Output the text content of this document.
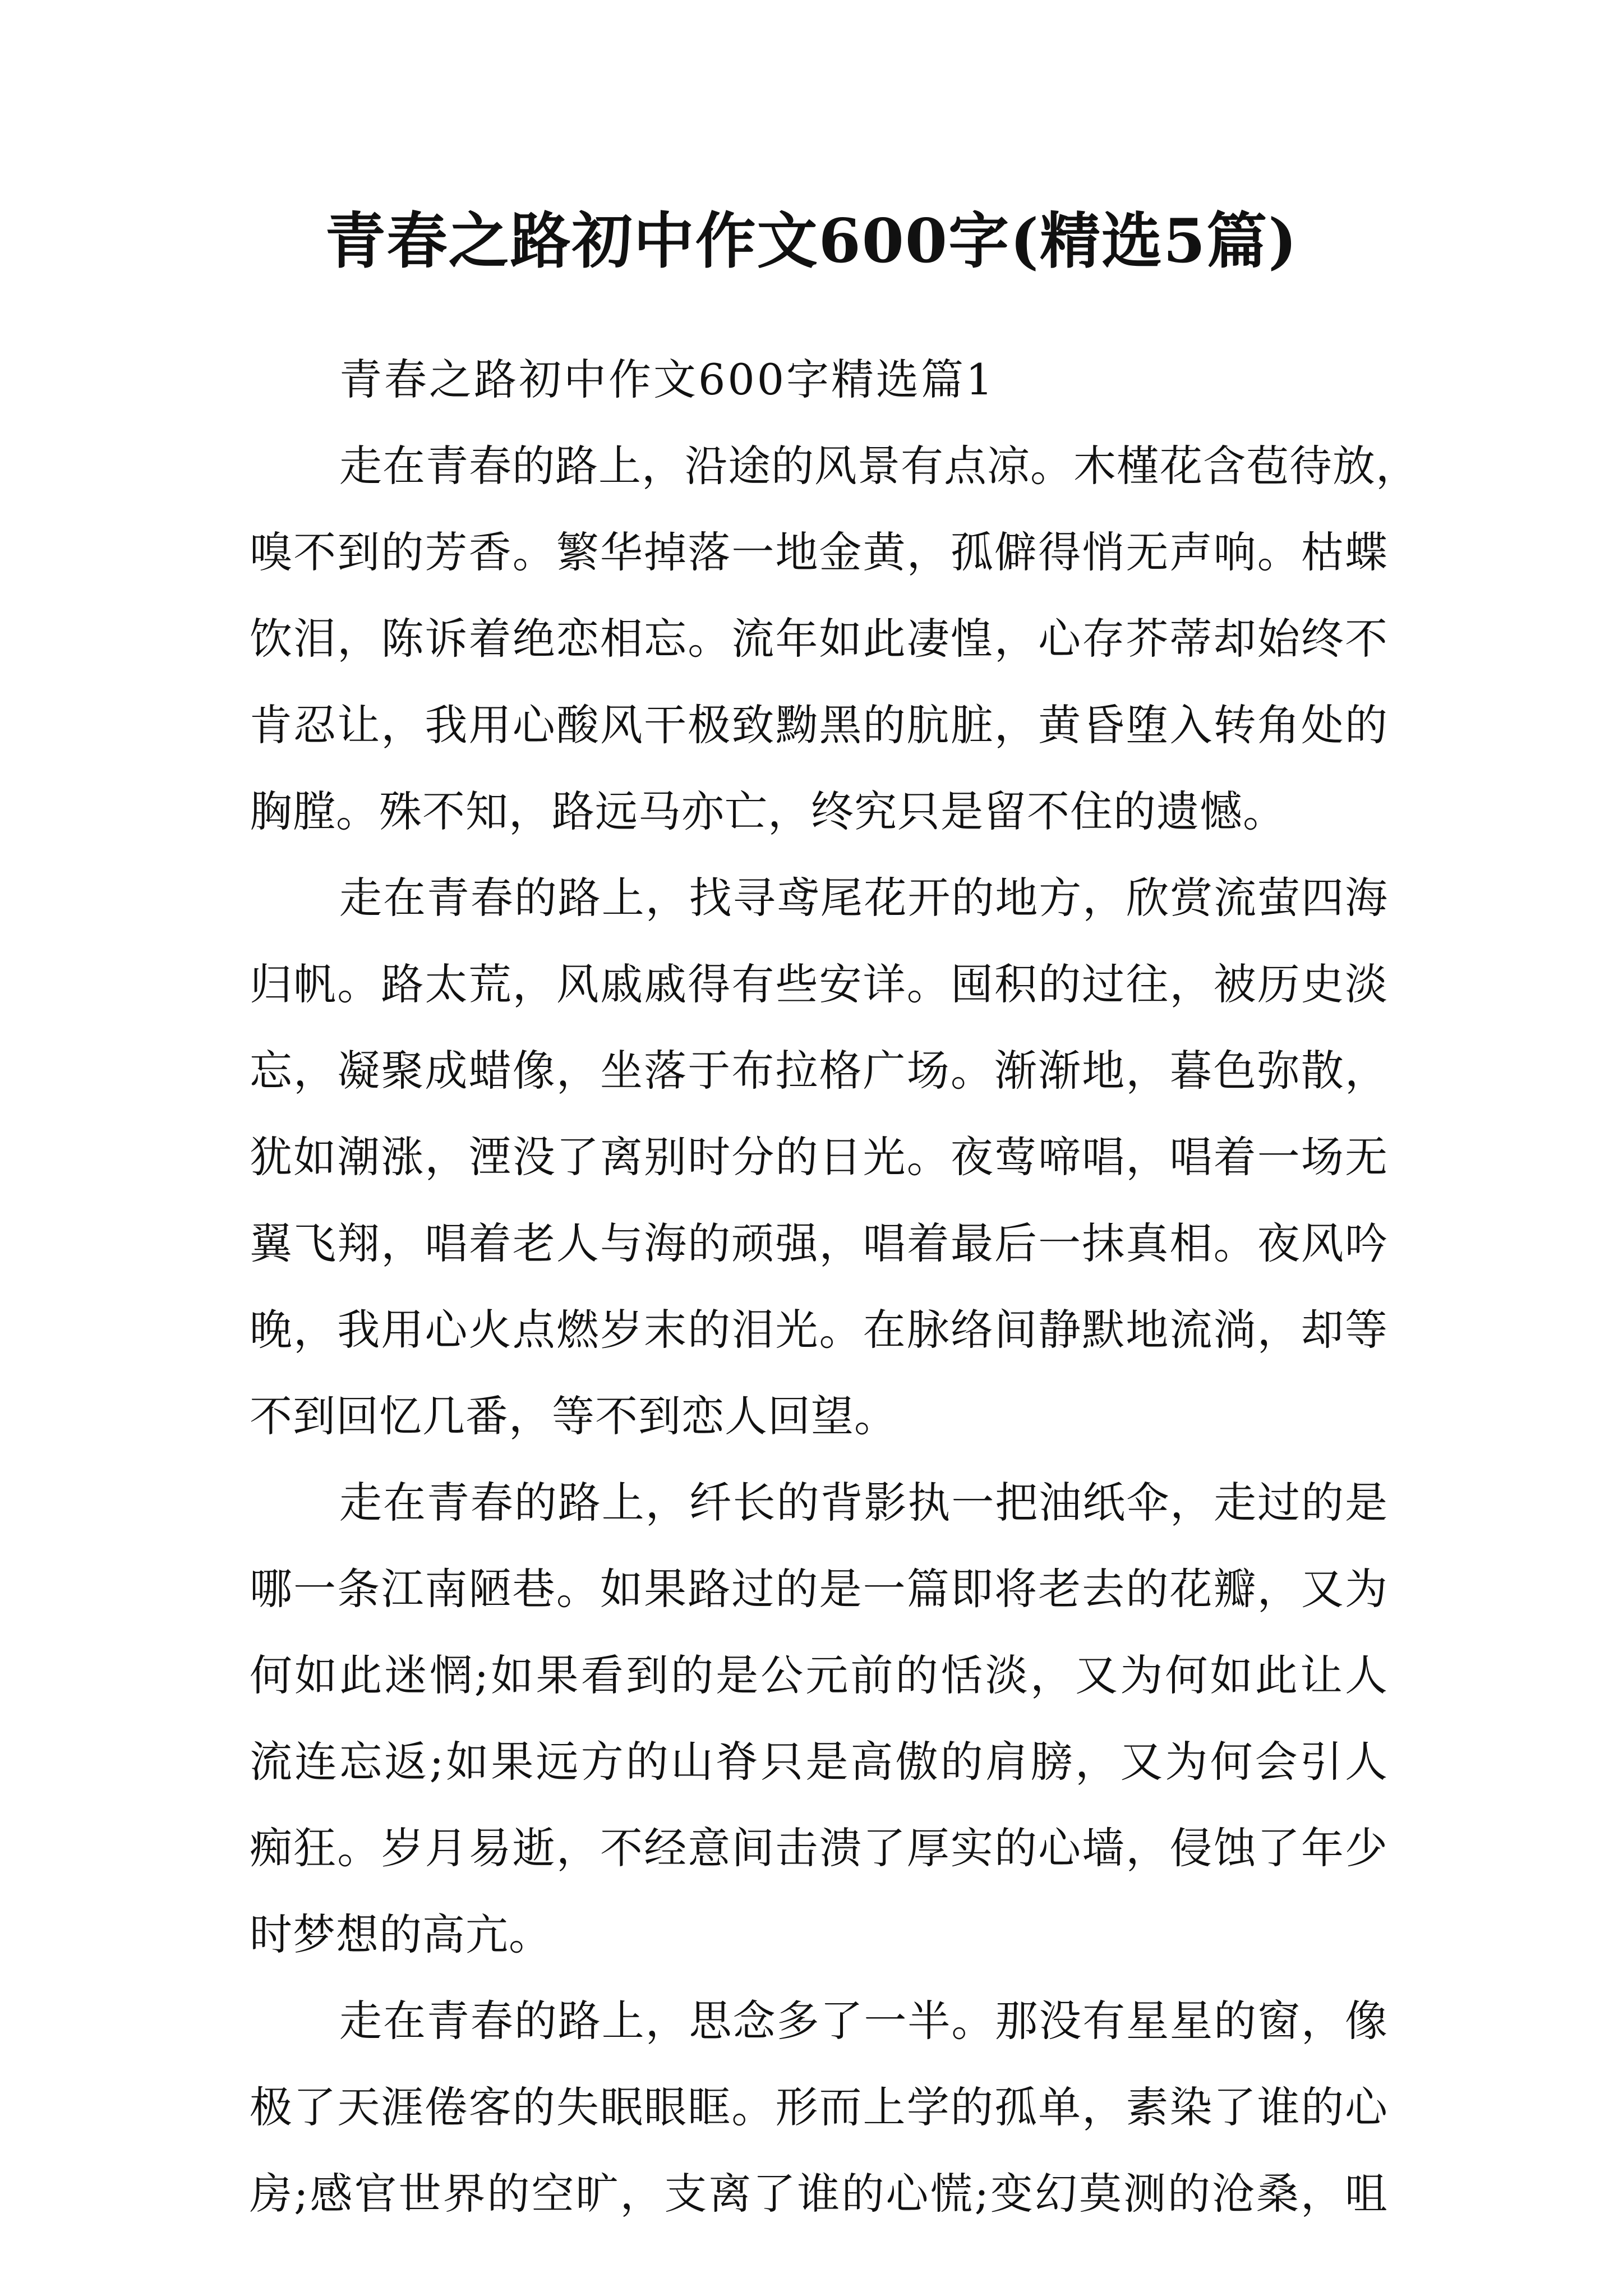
青春之路初中作文600字(精选5篇)
青春之路初中作文600字精选篇1
走在青春的路上，沿途的风景有点凉。木槿花含苞待放，
嗅不到的芳香。繁华掉落一地金黄，孤僻得悄无声响。枯蝶
饮泪，陈诉着绝恋相忘。流年如此凄惶，心存芥蒂却始终不
肯忍让，我用心酸风干极致黝黑的肮脏，黄昏堕入转角处的
胸膛。殊不知，路远马亦亡，终究只是留不住的遗憾。
走在青春的路上，找寻鸢尾花开的地方，欣赏流萤四海
归帆。路太荒，风戚戚得有些安详。囤积的过往，被历史淡
忘，凝聚成蜡像，坐落于布拉格广场。渐渐地，暮色弥散，
犹如潮涨，湮没了离别时分的日光。夜莺啼唱，唱着一场无
翼飞翔，唱着老人与海的顽强，唱着最后一抹真相。夜风吟
晚，我用心火点燃岁末的泪光。在脉络间静默地流淌，却等
不到回忆几番，等不到恋人回望。
走在青春的路上，纤长的背影执一把油纸伞，走过的是
哪一条江南陋巷。如果路过的是一篇即将老去的花瓣，又为
何如此迷惘;如果看到的是公元前的恬淡，又为何如此让人
流连忘返;如果远方的山脊只是高傲的肩膀，又为何会引人
痴狂。岁月易逝，不经意间击溃了厚实的心墙，侵蚀了年少
时梦想的高亢。
走在青春的路上，思念多了一半。那没有星星的窗，像
极了天涯倦客的失眠眼眶。形而上学的孤单，素染了谁的心
房;感官世界的空旷，支离了谁的心慌;变幻莫测的沧桑，咀
